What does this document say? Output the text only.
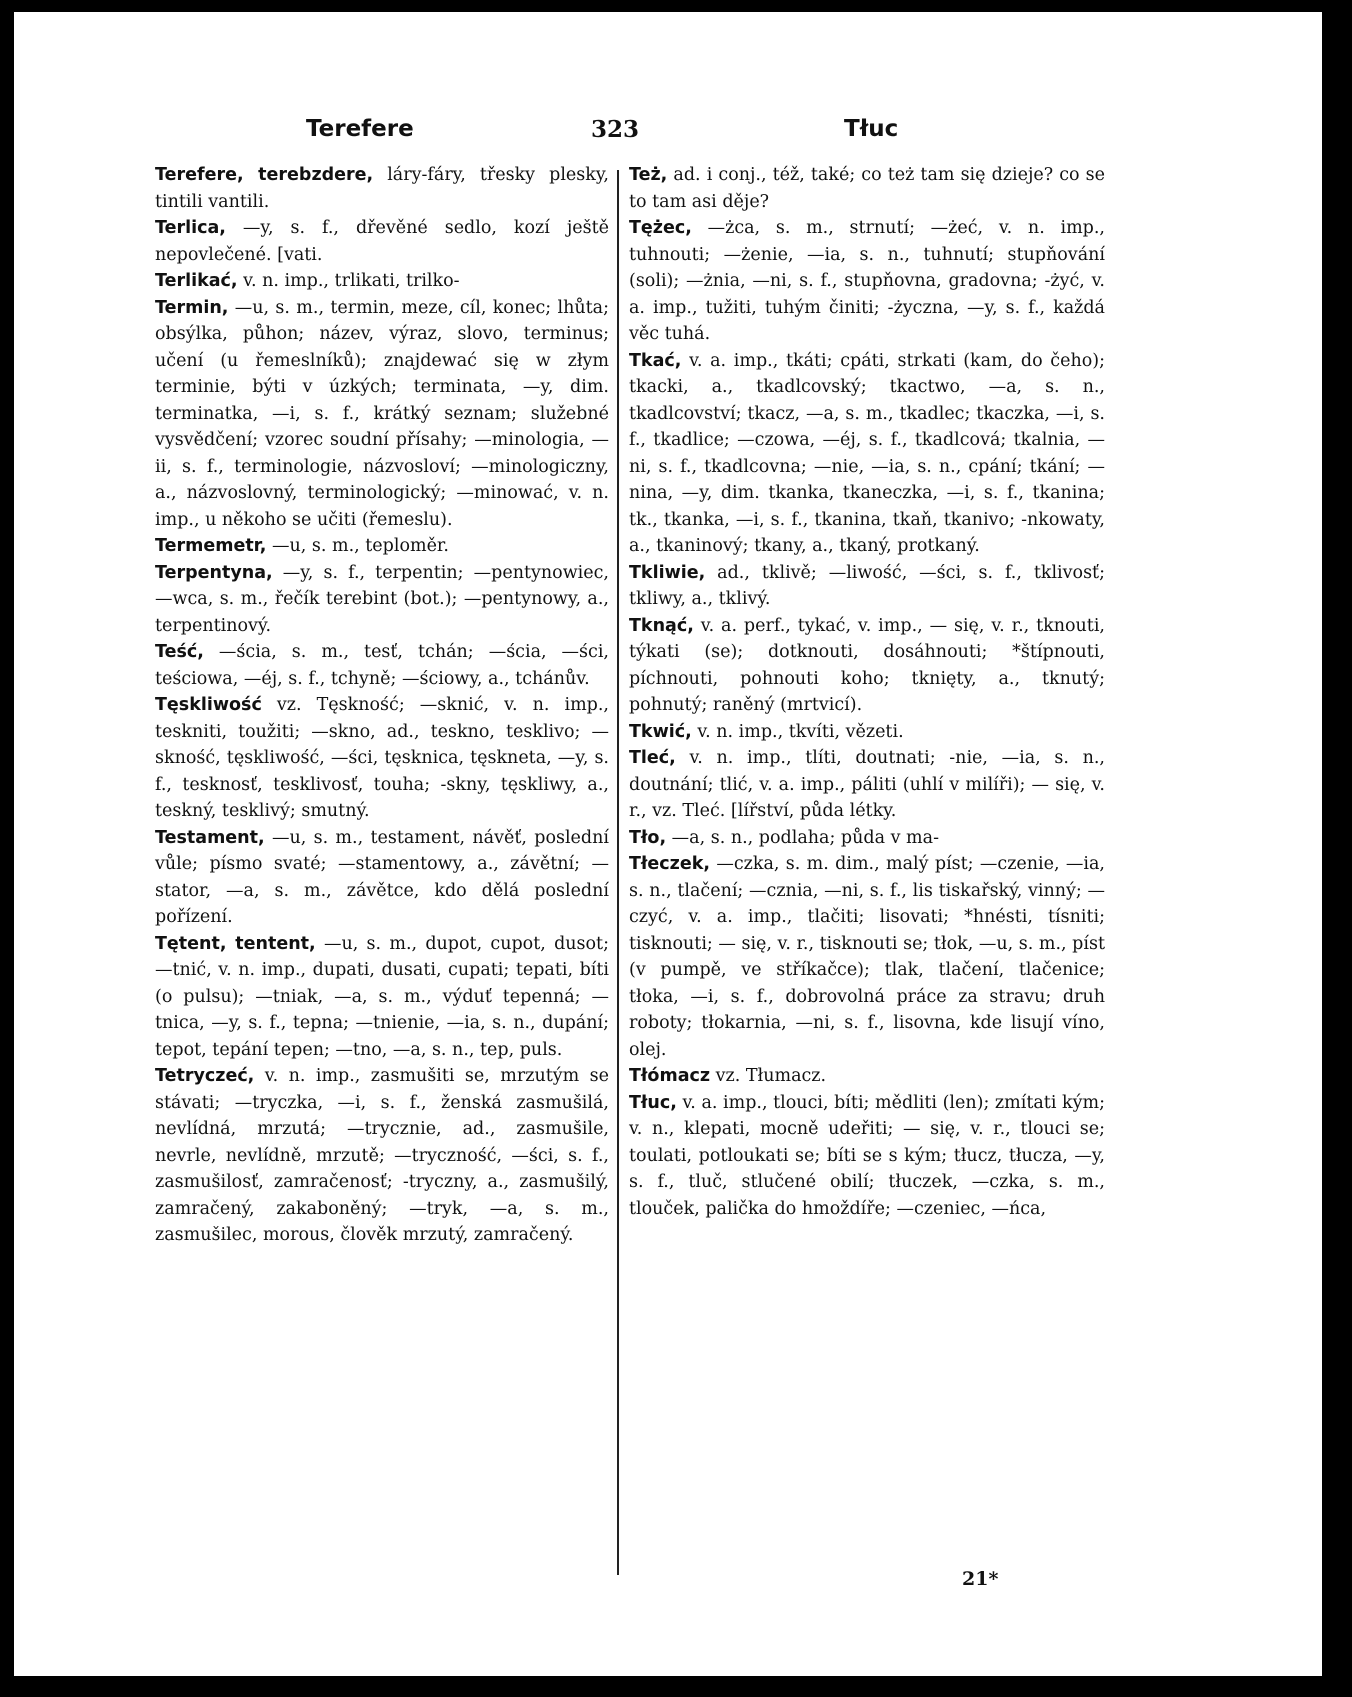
Terefere	323	Tłuc

Terefere, terebzdere, láry-fáry, třesky plesky, tintili vantili.

Terlica, —y, s. f., dřevěné sedlo, kozí ještě nepovlečené. [vati.

Terlikać, v. n. imp., trlikati, trilko-

Termin, —u, s. m., termin, meze, cíl, konec; lhůta; obsýlka, půhon; název, výraz, slovo, terminus; učení (u řemeslníků); znajdewać się w złym terminie, býti v úzkých; terminata, —y, dim. terminatka, —i, s. f., krátký seznam; služebné vysvědčení; vzorec soudní přísahy; —minologia, —ii, s. f., terminologie, názvosloví; —minologiczny, a., názvoslovný, terminologický; —minować, v. n. imp., u někoho se učiti (řemeslu).

Termemetr, —u, s. m., teploměr.

Terpentyna, —y, s. f., terpentin; —pentynowiec, —wca, s. m., řečík terebint (bot.); —pentynowy, a., terpentinový.

Teść, —ścia, s. m., tesť, tchán; —ścia, —ści, teściowa, —éj, s. f., tchyně; —ściowy, a., tchánův.

Tęskliwość vz. Tęskność; —sknić, v. n. imp., teskniti, toužiti; —skno, ad., teskno, tesklivo; —skność, tęskliwość, —ści, tęsknica, tęskneta, —y, s. f., tesknosť, tesklivosť, touha; -skny, tęskliwy, a., teskný, tesklivý; smutný.

Testament, —u, s. m., testament, návěť, poslední vůle; písmo svaté; —stamentowy, a., závětní; —stator, —a, s. m., závětce, kdo dělá poslední pořízení.

Tętent, tentent, —u, s. m., dupot, cupot, dusot; —tnić, v. n. imp., dupati, dusati, cupati; tepati, bíti (o pulsu); —tniak, —a, s. m., výduť tepenná; —tnica, —y, s. f., tepna; —tnienie, —ia, s. n., dupání; tepot, tepání tepen; —tno, —a, s. n., tep, puls.

Tetryczeć, v. n. imp., zasmušiti se, mrzutým se stávati; —tryczka, —i, s. f., ženská zasmušilá, nevlídná, mrzutá; —trycznie, ad., zasmušile, nevrle, nevlídně, mrzutě; —tryczność, —ści, s. f., zasmušilosť, zamračenosť; -tryczny, a., zasmušilý, zamračený, zakaboněný; —tryk, —a, s. m., zasmušilec, morous, člověk mrzutý, zamračený.

Też, ad. i conj., též, také; co też tam się dzieje? co se to tam asi děje?

Tężec, —żca, s. m., strnutí; —żeć, v. n. imp., tuhnouti; —żenie, —ia, s. n., tuhnutí; stupňování (soli); —żnia, —ni, s. f., stupňovna, gradovna; -żyć, v. a. imp., tužiti, tuhým činiti; -życzna, —y, s. f., každá věc tuhá.

Tkać, v. a. imp., tkáti; cpáti, strkati (kam, do čeho); tkacki, a., tkadlcovský; tkactwo, —a, s. n., tkadlcovství; tkacz, —a, s. m., tkadlec; tkaczka, —i, s. f., tkadlice; —czowa, —éj, s. f., tkadlcová; tkalnia, —ni, s. f., tkadlcovna; —nie, —ia, s. n., cpání; tkání; —nina, —y, dim. tkanka, tkaneczka, —i, s. f., tkanina; tk., tkanka, —i, s. f., tkanina, tkaň, tkanivo; -nkowaty, a., tkaninový; tkany, a., tkaný, protkaný.

Tkliwie, ad., tklivě; —liwość, —ści, s. f., tklivosť; tkliwy, a., tklivý.

Tknąć, v. a. perf., tykać, v. imp., — się, v. r., tknouti, týkati (se); dotknouti, dosáhnouti; *štípnouti, píchnouti, pohnouti koho; tknięty, a., tknutý; pohnutý; raněný (mrtvicí).

Tkwić, v. n. imp., tkvíti, vězeti.

Tleć, v. n. imp., tlíti, doutnati; -nie, —ia, s. n., doutnání; tlić, v. a. imp., páliti (uhlí v milíři); — się, v. r., vz. Tleć. [lířství, půda létky.

Tło, —a, s. n., podlaha; půda v ma-

Tłeczek, —czka, s. m. dim., malý píst; —czenie, —ia, s. n., tlačení; —cznia, —ni, s. f., lis tiskařský, vinný; —czyć, v. a. imp., tlačiti; lisovati; *hnésti, tísniti; tisknouti; — się, v. r., tisknouti se; tłok, —u, s. m., píst (v pumpě, ve stříkačce); tlak, tlačení, tlačenice; tłoka, —i, s. f., dobrovolná práce za stravu; druh roboty; tłokarnia, —ni, s. f., lisovna, kde lisují víno, olej.

Tłómacz vz. Tłumacz.

Tłuc, v. a. imp., tlouci, bíti; mědliti (len); zmítati kým; v. n., klepati, mocně udeřiti; — się, v. r., tlouci se; toulati, potloukati se; bíti se s kým; tłucz, tłucza, —y, s. f., tluč, stlučené obilí; tłuczek, —czka, s. m., tlouček, palička do hmoždíře; —czeniec, —ńca,

21*
